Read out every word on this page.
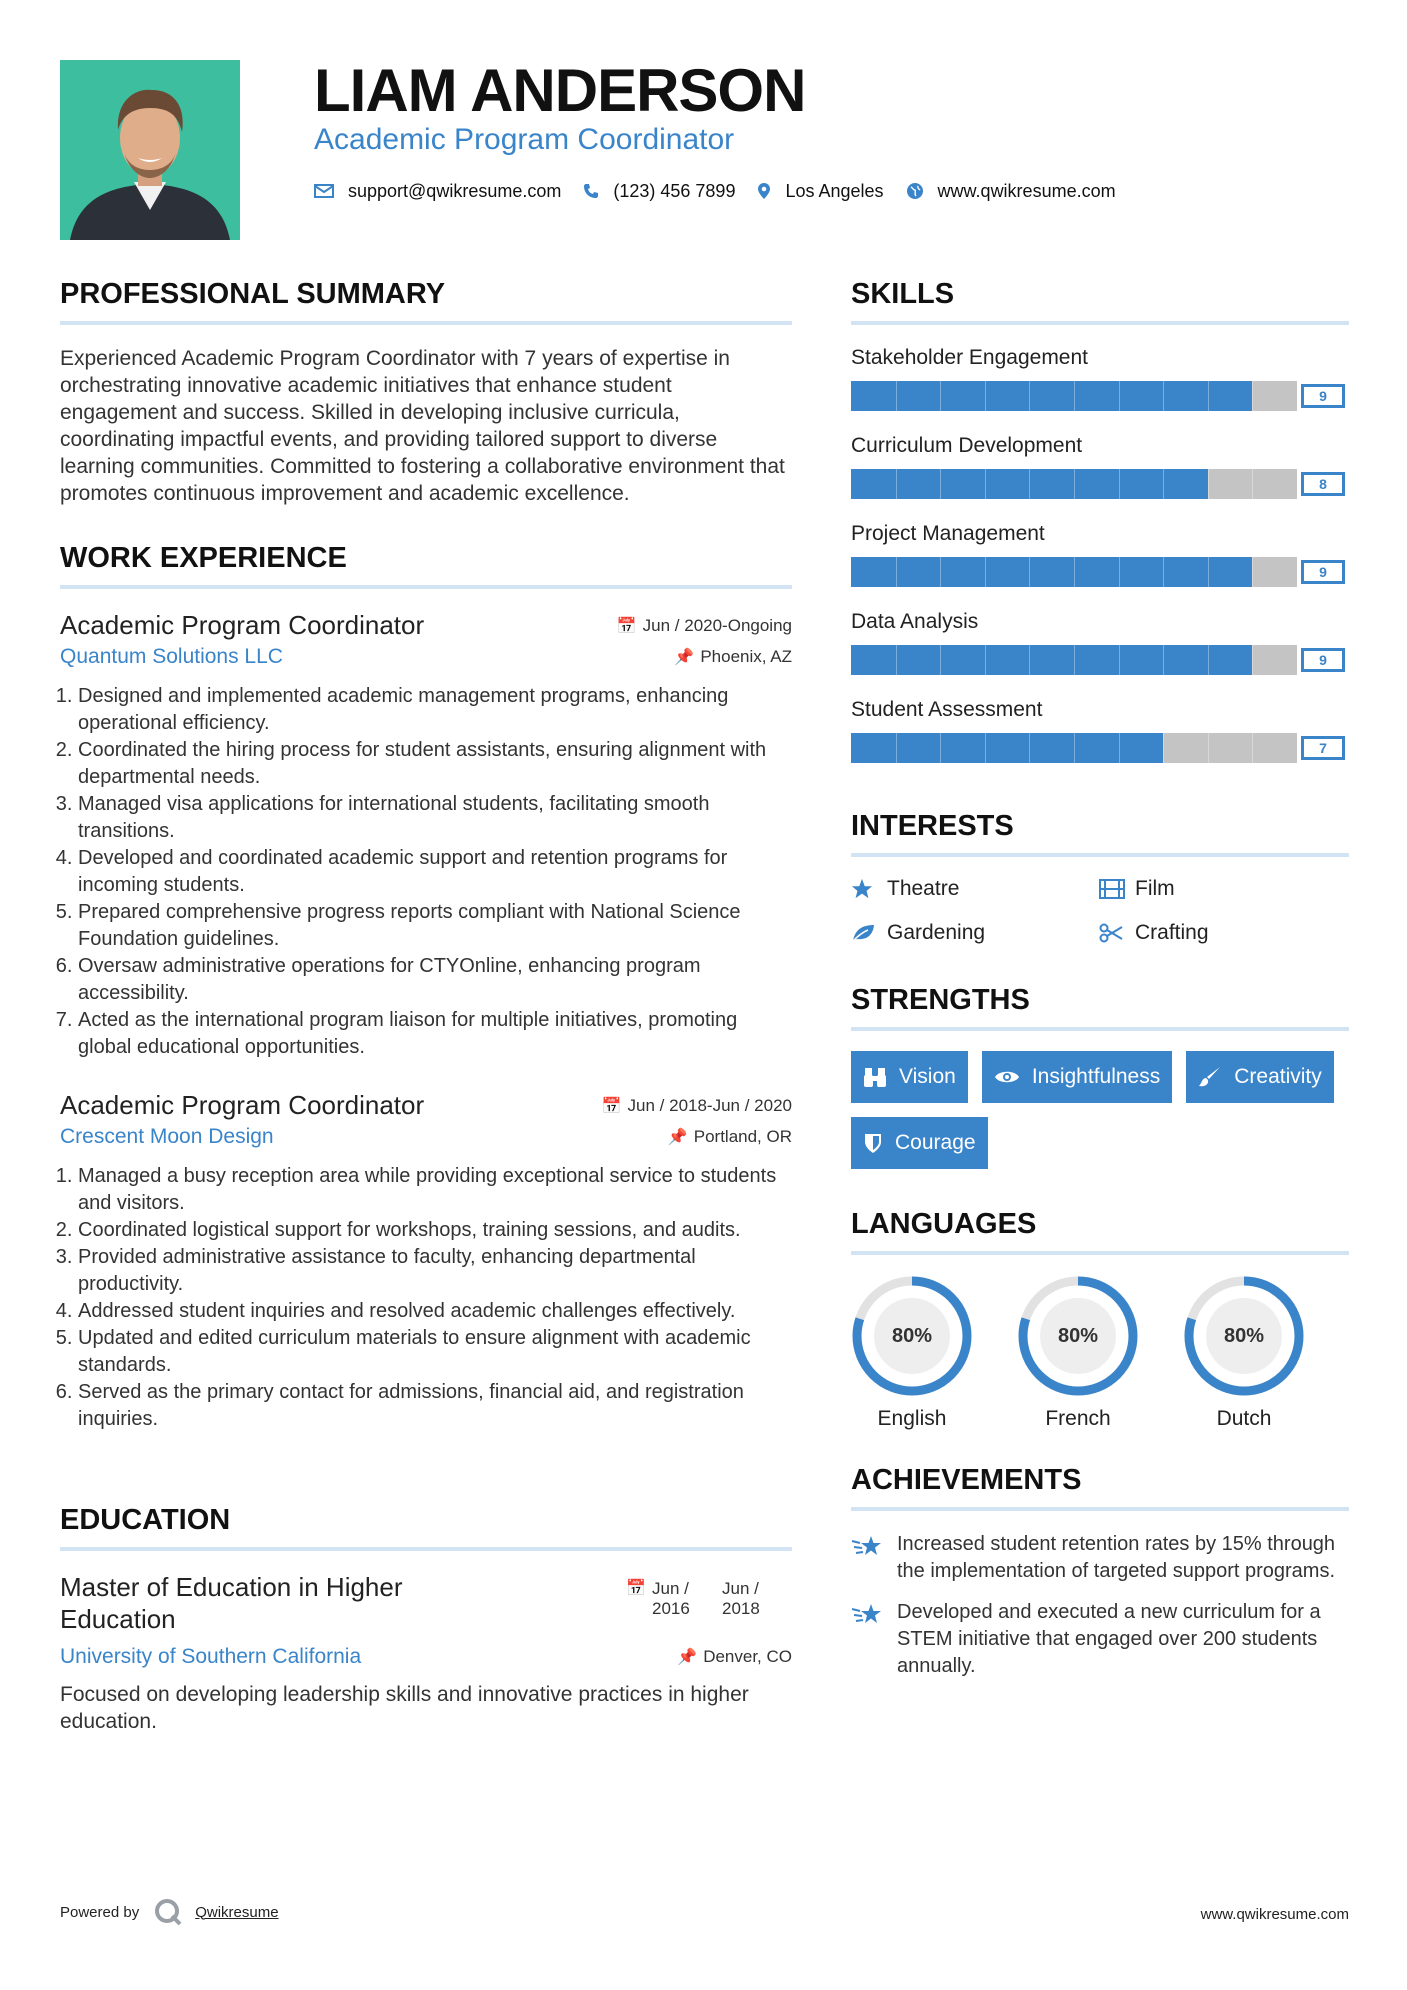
LIAM ANDERSON
Academic Program Coordinator
support@qwikresume.com	(123) 456 7899	Los Angeles	www.qwikresume.com
PROFESSIONAL SUMMARY

Experienced Academic Program Coordinator with 7 years of expertise in orchestrating innovative academic initiatives that enhance student engagement and success. Skilled in developing inclusive curricula, coordinating impactful events, and providing tailored support to diverse learning communities. Committed to fostering a collaborative environment that promotes continuous improvement and academic excellence.

WORK EXPERIENCE
Academic Program Coordinator	📅 Jun / 2020-Ongoing
Quantum Solutions LLC	📌 Phoenix, AZ
1. Designed and implemented academic management programs, enhancing operational efficiency.
2. Coordinated the hiring process for student assistants, ensuring alignment with departmental needs.
3. Managed visa applications for international students, facilitating smooth transitions.
4. Developed and coordinated academic support and retention programs for incoming students.
5. Prepared comprehensive progress reports compliant with National Science Foundation guidelines.
6. Oversaw administrative operations for CTYOnline, enhancing program accessibility.
7. Acted as the international program liaison for multiple initiatives, promoting global educational opportunities.
Academic Program Coordinator	📅 Jun / 2018-Jun / 2020
Crescent Moon Design	📌 Portland, OR
1. Managed a busy reception area while providing exceptional service to students and visitors.
2. Coordinated logistical support for workshops, training sessions, and audits.
3. Provided administrative assistance to faculty, enhancing departmental productivity.
4. Addressed student inquiries and resolved academic challenges effectively.
5. Updated and edited curriculum materials to ensure alignment with academic standards.
6. Served as the primary contact for admissions, financial aid, and registration inquiries.
EDUCATION
Master of Education in Higher Education
📅 Jun / 2016
Jun / 2018
University of Southern California	📌 Denver, CO
Focused on developing leadership skills and innovative practices in higher education.
SKILLS
Stakeholder Engagement
9
Curriculum Development
8
Project Management
9
Data Analysis
9
Student Assessment
7
INTERESTS
Theatre	Film
Gardening	Crafting
STRENGTHS
Vision	Insightfulness	Creativity
Courage
LANGUAGES
80%
English
80%
French
80%
Dutch
ACHIEVEMENTS
Increased student retention rates by 15% through the implementation of targeted support programs.
Developed and executed a new curriculum for a STEM initiative that engaged over 200 students annually.
Powered by	Qwikresume	www.qwikresume.com
